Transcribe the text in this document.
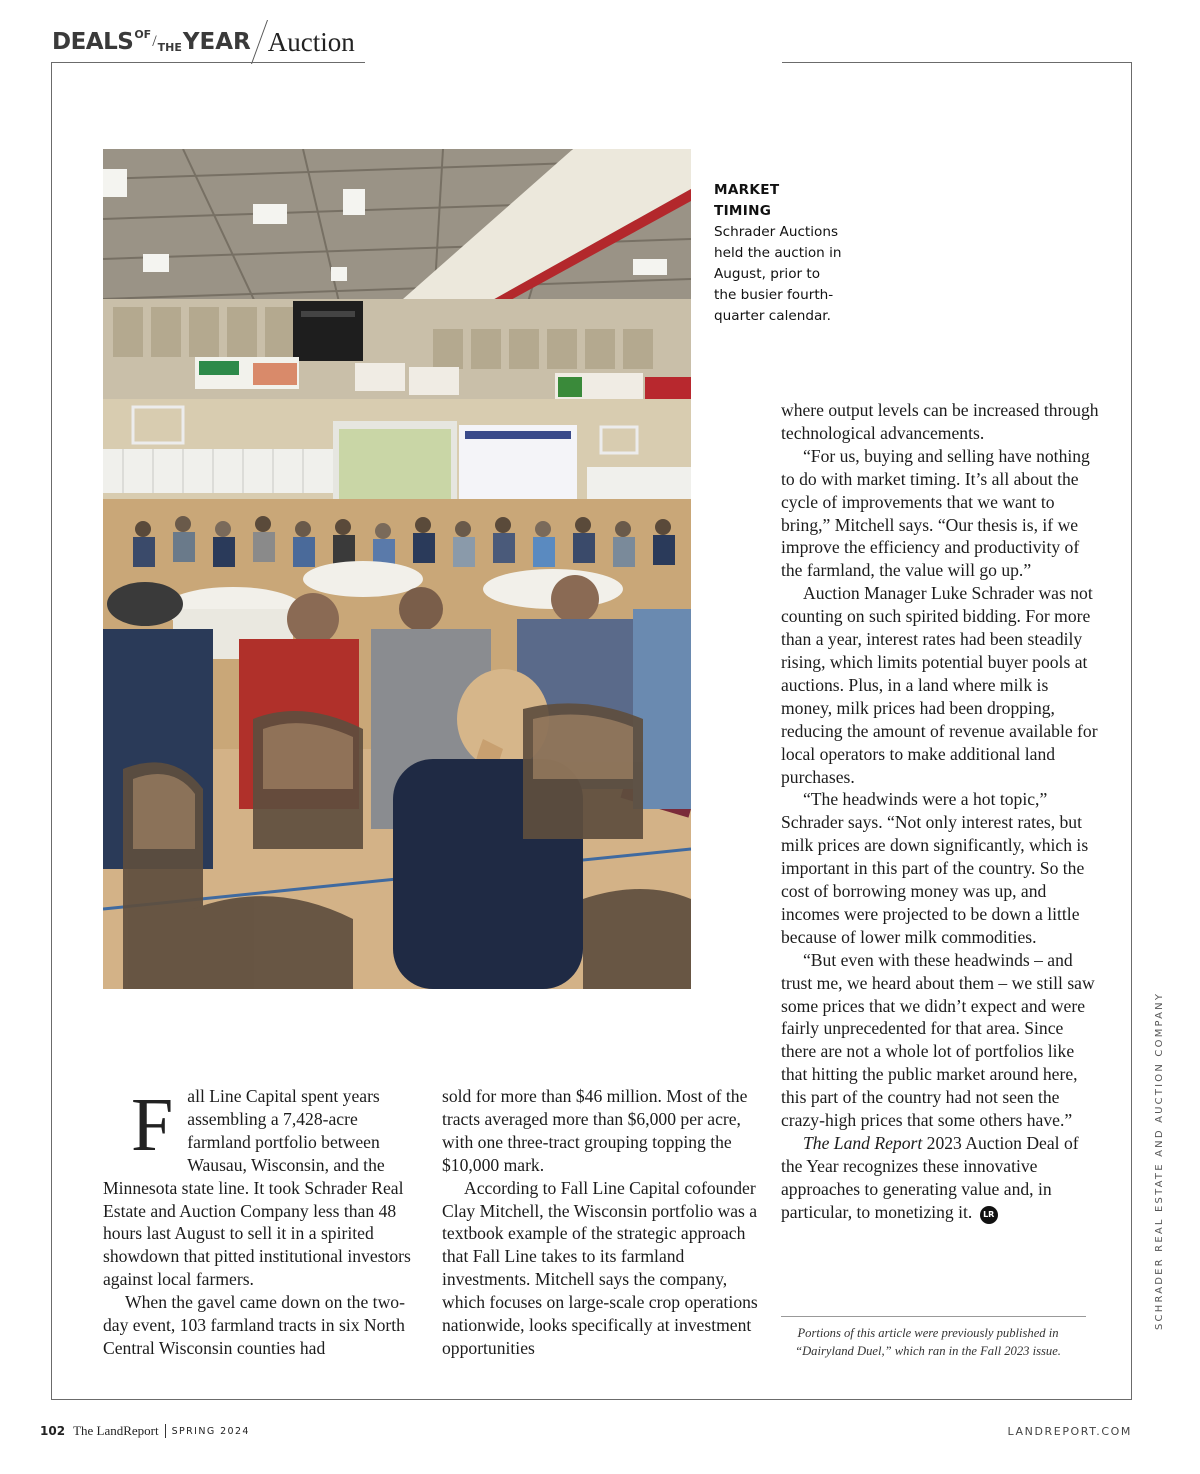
DEALS OF / THE YEAR Auction
MARKET
TIMING
Schrader Auctions held the auction in August, prior to the busier fourth-quarter calendar.
F all Line Capital spent years assembling a 7,428-acre farmland portfolio between Wausau, Wisconsin, and the Minnesota state line. It took Schrader Real Estate and Auction Company less than 48 hours last August to sell it in a spirited showdown that pitted institutional investors against local farmers.

When the gavel came down on the two-day event, 103 farmland tracts in six North Central Wisconsin counties had

sold for more than $46 million. Most of the tracts averaged more than $6,000 per acre, with one three-tract grouping topping the $10,000 mark.

According to Fall Line Capital cofounder Clay Mitchell, the Wisconsin portfolio was a textbook example of the strategic approach that Fall Line takes to its farmland investments. Mitchell says the company, which focuses on large-scale crop operations nationwide, looks specifically at investment opportunities

where output levels can be increased through technological advancements.

“For us, buying and selling have nothing to do with market timing. It’s all about the cycle of improvements that we want to bring,” Mitchell says. “Our thesis is, if we improve the efficiency and productivity of the farmland, the value will go up.”

Auction Manager Luke Schrader was not counting on such spirited bidding. For more than a year, interest rates had been steadily rising, which limits potential buyer pools at auctions. Plus, in a land where milk is money, milk prices had been dropping, reducing the amount of revenue available for local operators to make additional land purchases.

“The headwinds were a hot topic,” Schrader says. “Not only interest rates, but milk prices are down significantly, which is important in this part of the country. So the cost of borrowing money was up, and incomes were projected to be down a little because of lower milk commodities.

“But even with these headwinds – and trust me, we heard about them – we still saw some prices that we didn’t expect and were fairly unprecedented for that area. Since there are not a whole lot of portfolios like that hitting the public market around here, this part of the country had not seen the crazy-high prices that some others have.”

The Land Report 2023 Auction Deal of the Year recognizes these innovative approaches to generating value and, in particular, to monetizing it. LR

Portions of this article were previously published in “Dairyland Duel,” which ran in the Fall 2023 issue.
SCHRADER REAL ESTATE AND AUCTION COMPANY
102 The LandReport SPRING 2024	LANDREPORT.COM
